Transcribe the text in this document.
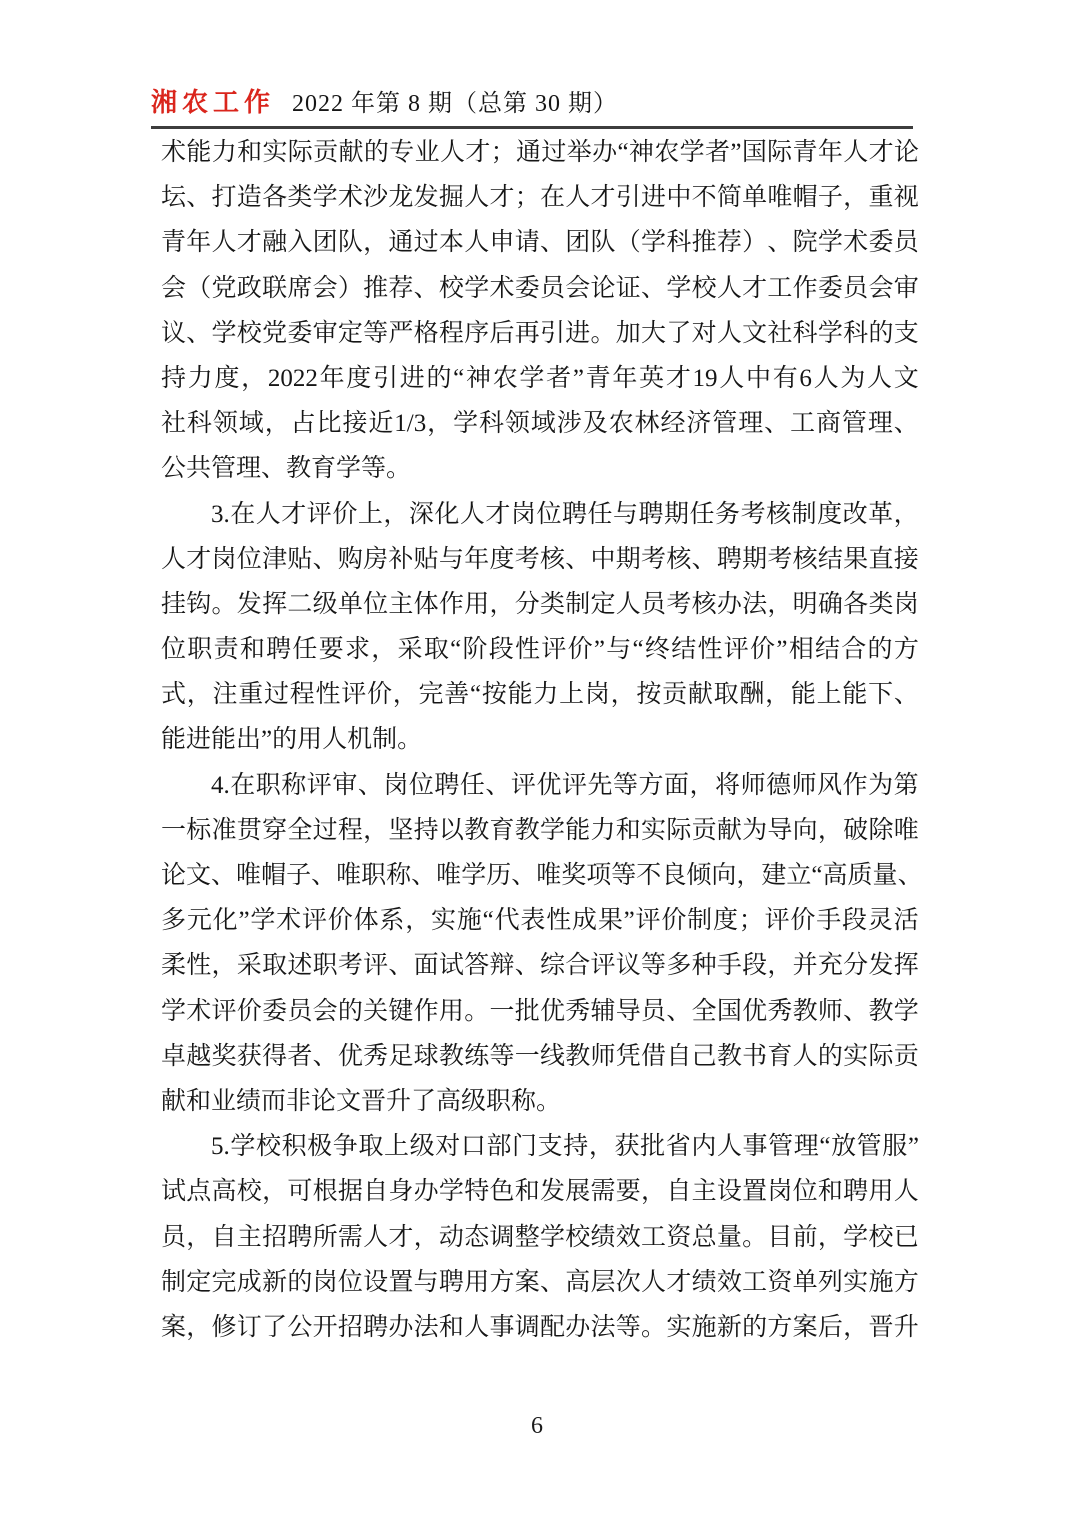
湘农工作 2022 年第 8 期（总第 30 期）
术 能 力 和 实 际 贡 献 的 专 业 人 才 ； 通 过 举 办 “ 神 农 学 者 ” 国 际 青 年 人 才 论
坛 、 打 造 各 类 学 术 沙 龙 发 掘 人 才 ； 在 人 才 引 进 中 不 简 单 唯 帽 子 ， 重 视
青 年 人 才 融 入 团 队 ， 通 过 本 人 申 请 、 团 队 （ 学 科 推 荐 ） 、 院 学 术 委 员
会 （ 党 政 联 席 会 ） 推 荐 、 校 学 术 委 员 会 论 证 、 学 校 人 才 工 作 委 员 会 审
议 、 学 校 党 委 审 定 等 严 格 程 序 后 再 引 进 。 加 大 了 对 人 文 社 科 学 科 的 支
持 力 度 ， 2022 年 度 引 进 的 “ 神 农 学 者 ” 青 年 英 才 19 人 中 有 6 人 为 人 文
社 科 领 域 ， 占 比 接 近 1/3 ， 学 科 领 域 涉 及 农 林 经 济 管 理 、 工 商 管 理 、
公共管理、教育学等。
3. 在 人 才 评 价 上 ， 深 化 人 才 岗 位 聘 任 与 聘 期 任 务 考 核 制 度 改 革 ，
人 才 岗 位 津 贴 、 购 房 补 贴 与 年 度 考 核 、 中 期 考 核 、 聘 期 考 核 结 果 直 接
挂 钩 。 发 挥 二 级 单 位 主 体 作 用 ， 分 类 制 定 人 员 考 核 办 法 ， 明 确 各 类 岗
位 职 责 和 聘 任 要 求 ， 采 取 “ 阶 段 性 评 价 ” 与 “ 终 结 性 评 价 ” 相 结 合 的 方
式 ， 注 重 过 程 性 评 价 ， 完 善 “ 按 能 力 上 岗 ， 按 贡 献 取 酬 ， 能 上 能 下 、
能进能出”的用人机制。
4. 在 职 称 评 审 、 岗 位 聘 任 、 评 优 评 先 等 方 面 ， 将 师 德 师 风 作 为 第
一 标 准 贯 穿 全 过 程 ， 坚 持 以 教 育 教 学 能 力 和 实 际 贡 献 为 导 向 ， 破 除 唯
论 文 、 唯 帽 子 、 唯 职 称 、 唯 学 历 、 唯 奖 项 等 不 良 倾 向 ， 建 立 “ 高 质 量 、
多 元 化 ” 学 术 评 价 体 系 ， 实 施 “ 代 表 性 成 果 ” 评 价 制 度 ； 评 价 手 段 灵 活
柔 性 ， 采 取 述 职 考 评 、 面 试 答 辩 、 综 合 评 议 等 多 种 手 段 ， 并 充 分 发 挥
学 术 评 价 委 员 会 的 关 键 作 用 。 一 批 优 秀 辅 导 员 、 全 国 优 秀 教 师 、 教 学
卓 越 奖 获 得 者 、 优 秀 足 球 教 练 等 一 线 教 师 凭 借 自 己 教 书 育 人 的 实 际 贡
献和业绩而非论文晋升了高级职称。
5. 学 校 积 极 争 取 上 级 对 口 部 门 支 持 ， 获 批 省 内 人 事 管 理 “ 放 管 服 ”
试 点 高 校 ， 可 根 据 自 身 办 学 特 色 和 发 展 需 要 ， 自 主 设 置 岗 位 和 聘 用 人
员 ， 自 主 招 聘 所 需 人 才 ， 动 态 调 整 学 校 绩 效 工 资 总 量 。 目 前 ， 学 校 已
制 定 完 成 新 的 岗 位 设 置 与 聘 用 方 案 、 高 层 次 人 才 绩 效 工 资 单 列 实 施 方
案 ， 修 订 了 公 开 招 聘 办 法 和 人 事 调 配 办 法 等 。 实 施 新 的 方 案 后 ， 晋 升
6
